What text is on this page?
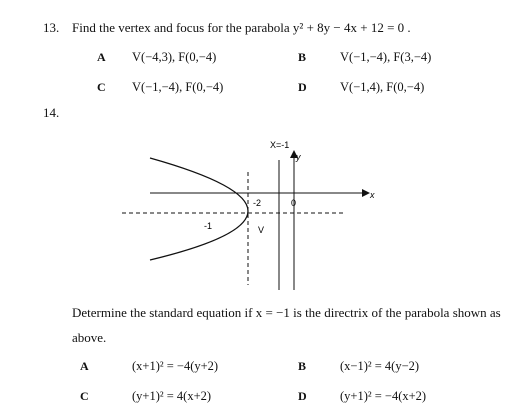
13. Find the vertex and focus for the parabola y² + 8y − 4x + 12 = 0 .
A V(−4,3), F(0,−4)	B	V(−1,−4), F(3,−4)
C V(−1,−4), F(0,−4)	D	V(−1,4), F(0,−4)
14.
X=-1
y
x
-2	0
-1	V
Determine the standard equation if x = −1 is the directrix of the parabola shown as
above.
A	(x+1)² = −4(y+2)	B	(x−1)² = 4(y−2)
C	(y+1)² = 4(x+2)	D	(y+1)² = −4(x+2)
